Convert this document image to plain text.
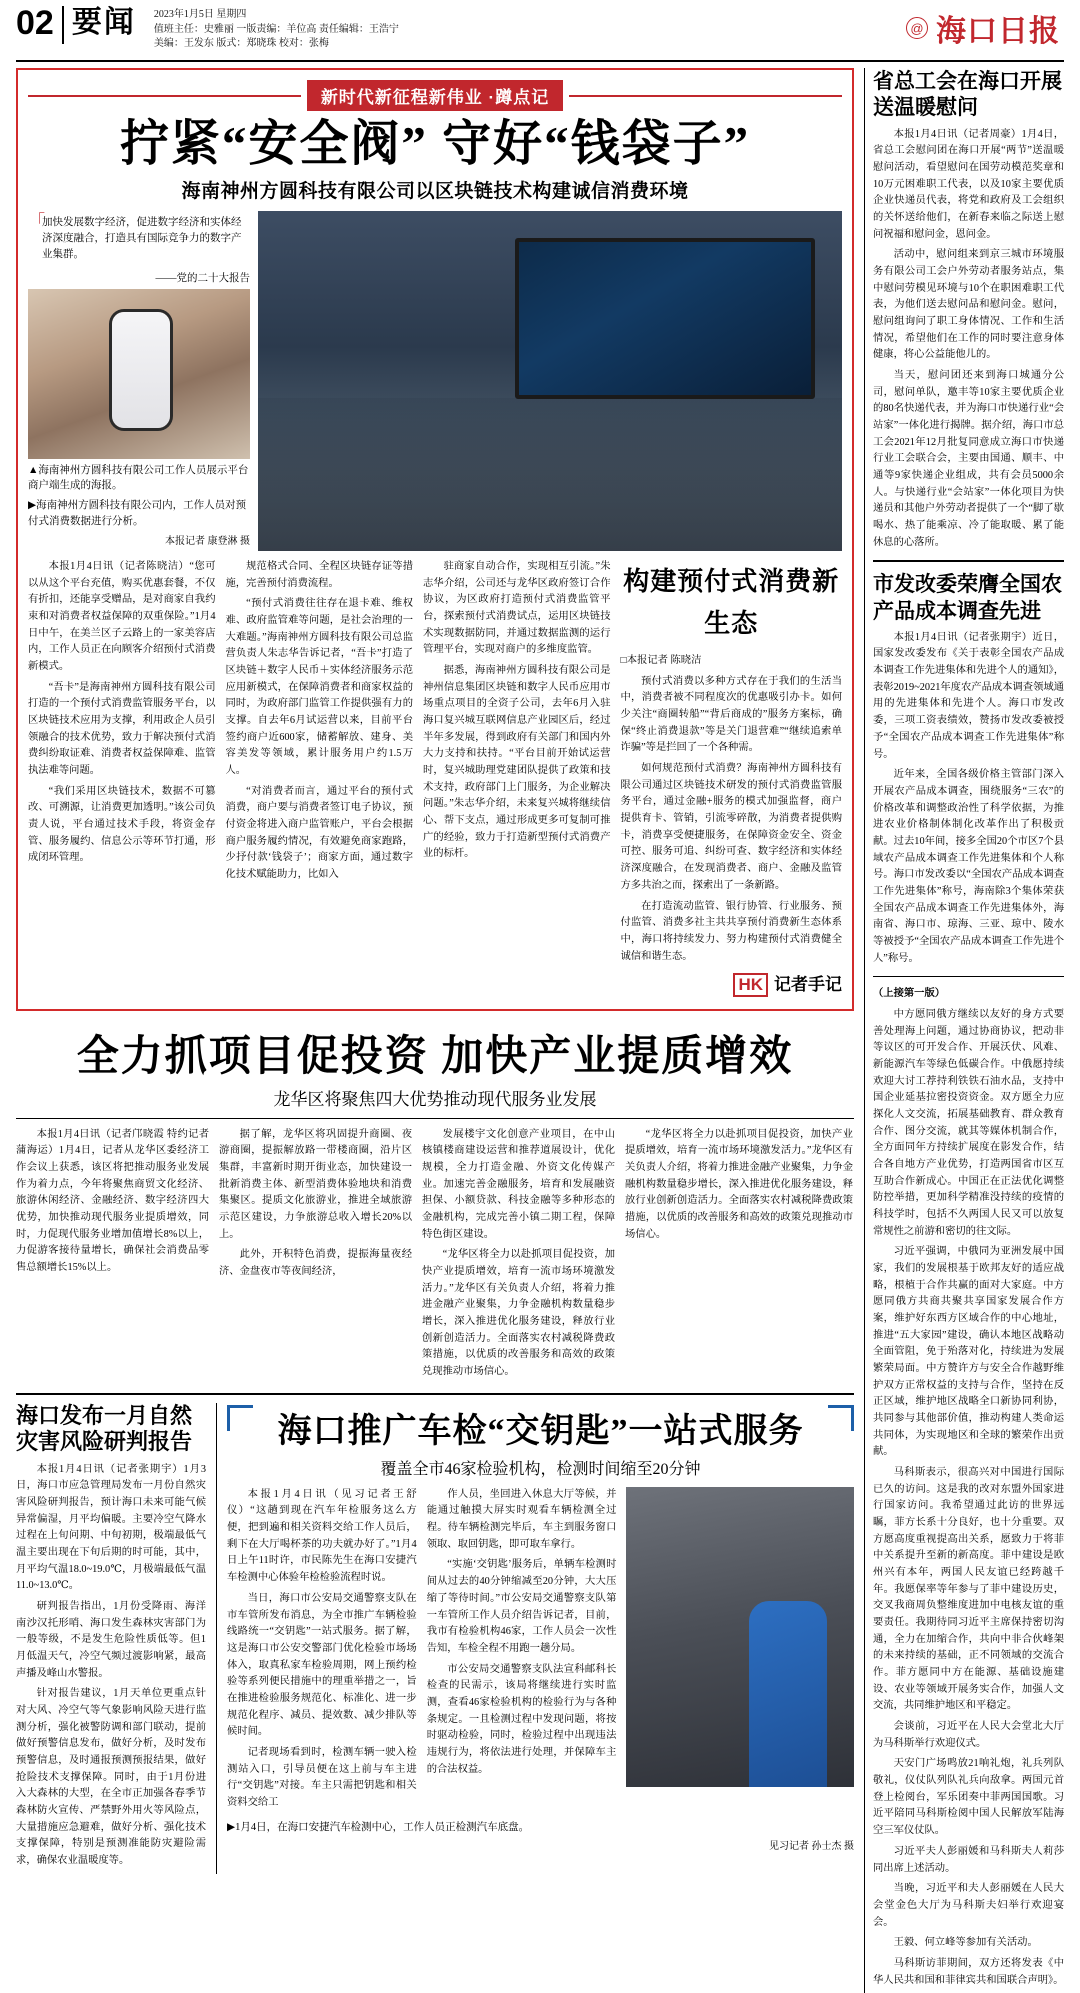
02 要闻 2023年1月5日 星期四
值班主任：史雅丽 一版责编：羊位高 责任编辑：王浩宁
美编：王发东 版式：郑晓珠 校对：张梅
@ 海口日报
新时代新征程新伟业 ·蹲点记
拧紧“安全阀” 守好“钱袋子”
海南神州方圆科技有限公司以区块链技术构建诚信消费环境
「 加快发展数字经济，促进数字经济和实体经济深度融合，打造具有国际竞争力的数字产业集群。
——党的二十大报告
▲海南神州方圆科技有限公司工作人员展示平台商户端生成的海报。
▶海南神州方圆科技有限公司内，工作人员对预付式消费数据进行分析。
本报记者 康登淋 摄

本报1月4日讯（记者陈晓洁）“您可以从这个平台充值，购买优惠套餐，不仅有折扣，还能享受赠品，是对商家自我约束和对消费者权益保障的双重保险。”1月4日中午，在美兰区子云路上的一家美容店内，工作人员正在向顾客介绍预付式消费新模式。

“吾卡”是海南神州方圆科技有限公司打造的一个预付式消费监管服务平台，以区块链技术应用为支撑，利用政企人员引领融合的技术优势，致力于解决预付式消费纠纷取证难、消费者权益保障难、监管执法难等问题。

“我们采用区块链技术，数据不可篡改、可溯源，让消费更加透明。”该公司负责人说，平台通过技术手段，将资金存管、服务履约、信息公示等环节打通，形成闭环管理。

规范格式合同、全程区块链存证等措施，完善预付消费流程。

“预付式消费往往存在退卡难、维权难、政府监管难等问题，是社会治理的一大难题。”海南神州方圆科技有限公司总监营负责人朱志华告诉记者，“吾卡”打造了区块链＋数字人民币＋实体经济服务示范应用新模式，在保障消费者和商家权益的同时，为政府部门监管工作提供强有力的支撑。自去年6月试运营以来，目前平台签约商户近600家，储蓄解放、建身、美容美发等领域，累计服务用户约1.5万人。

“对消费者而言，通过平台的预付式消费，商户要与消费者签订电子协议，预付资金将进入商户监管账户，平台会根据商户服务履约情况，有效避免商家跑路，少抒付款‘钱袋子’；商家方面，通过数字化技术赋能助力，比如入

驻商家自动合作，实现相互引流。”朱志华介绍，公司还与龙华区政府签订合作协议，为区政府打造预付式消费监管平台，探索预付式消费试点，运用区块链技术实现数据防同，并通过数据监测的运行管理平台，实现对商户的多维度监管。

据悉，海南神州方圆科技有限公司是神州信息集团区块链和数字人民币应用市场重点项目的全资子公司，去年6月入驻海口复兴城互联网信息产业园区后，经过半年多发展，得到政府有关部门和国内外大力支持和扶持。“平台目前开始试运营时，复兴城助理党建团队提供了政策和技术支持，政府部门上门服务，为企业解决问题。”朱志华介绍，未来复兴城将继续信心、帮下支点，通过形成更多可复制可推广的经验，致力于打造新型预付式消费产业的标杆。

构建预付式消费新生态
□本报记者 陈晓洁

预付式消费以多种方式存在于我们的生活当中，消费者被不同程度次的优惠吸引办卡。如何少关注“商圈转船”“背后商成的”服务方案标，确保“终止消费退款”等是关门退营难”“继续追索单诈骗”等是拦回了一个各种需。

如何规范预付式消费？海南神州方圆科技有限公司通过区块链技术研发的预付式消费监管服务平台，通过金融+服务的模式加强监督，商户提供育卡、管销，引流零碎散，为消费者提供购卡，消费享受便捷服务，在保障资金安全、资金可控、服务可追、纠纷可查、数字经济和实体经济深度融合，在发现消费者、商户、金融及监管方多共治之而，探索出了一条新路。

在打造流动监管、银行协管、行业服务、预付监管、消费多社主共共享预付消费新生态体系中，海口将持续发力、努力构建预付式消费健全诚信和谐生态。

HK 记者手记
全力抓项目促投资 加快产业提质增效
龙华区将聚焦四大优势推动现代服务业发展

本报1月4日讯（记者邝晓霞 特约记者蒲海运）1月4日，记者从龙华区委经济工作会议上获悉，该区将把推动服务业发展作为着力点，今年将聚焦商贸文化经济、旅游休闲经济、金融经济、数字经济四大优势，加快推动现代服务业提质增效，同时，力促现代服务业增加值增长8%以上，力促游客接待量增长，确保社会消费品零售总额增长15%以上。

据了解，龙华区将巩固提升商圈、夜游商圈，提振解放路一带楼商圈，沿片区集群，丰富新时期开街业态，加快建设一批新消费主体、新型消费体验地块和消费集聚区。提质文化旅游业，推进全域旅游示范区建设，力争旅游总收入增长20%以上。

此外，开积特色消费，提振海量夜经济、金盘夜市等夜间经济，

发展楼宇文化创意产业项目，在中山核镇楼商建设运营和推荐道展设计，优化规模，全力打造金融、外资文化传媒产业。加速完善金融服务，培育和发展融资担保、小额贷款、科技金融等多种形态的金融机构，完成完善小镇二期工程，保障特色街区建设。

“龙华区将全力以赴抓项目促投资，加快产业提质增效，培育一流市场环境激发活力。”龙华区有关负责人介绍，将着力推进金融产业聚集，力争金融机构数量稳步增长，深入推进优化服务建设，释放行业创新创造活力。全面落实农村减税降费政策措施，以优质的改善服务和高效的政策兑现推动市场信心。

“龙华区将全力以赴抓项目促投资，加快产业提质增效，培育一流市场环境激发活力。”龙华区有关负责人介绍，将着力推进金融产业聚集，力争金融机构数量稳步增长，深入推进优化服务建设，释放行业创新创造活力。全面落实农村减税降费政策措施，以优质的改善服务和高效的政策兑现推动市场信心。

海口发布一月自然灾害风险研判报告

本报1月4日讯（记者张期宇）1月3日，海口市应急管理局发布一月份自然灾害风险研判报告，预计海口未来可能气候异常偏湿，月平均偏暖。主要冷空气降水过程在上旬问期、中旬初期，极端最低气温主要出现在下旬后期的时可能，其中，月平均气温18.0~19.0℃，月极端最低气温11.0~13.0℃。

研判报告指出，1月份受降雨、海洋南沙汉托形哨、海口发生森林灾害部门为一般等级，不是发生危险性质低等。但1月低温天气，冷空气频过渡影响紧，最高声播及峰山水警报。

针对报告建议，1月天单位更重点针对大风、冷空气等气象影响风险天进行监测分析，强化被警防调和部门联动，提前做好预警信息发布，做好分析，及时发布预警信息，及时通报预测预报结果，做好抢险技术支撑保障。同时，由于1月份进入大森林的大型，在全市正加强各春季节森林防火宣传、严禁野外用火等风险点，大量措施应急避难，做好分析、强化技术支撑保障，特别是预测准能防灾避险需求，确保农业温暖度等。

海口推广车检“交钥匙”一站式服务
覆盖全市46家检验机构，检测时间缩至20分钟

本报1月4日讯（见习记者王舒仪）“这趟到现在汽车年检服务这么方便，把到遍和相关资料交给工作人员后，剩下在大厅喝杯茶的功夫就办好了。”1月4日上午11时许，市民陈先生在海口安捷汽车检测中心体验年检检验流程时说。

当日，海口市公安局交通警察支队在市车管所发布消息，为全市推广车辆检验线路统一“交钥匙”一站式服务。据了解，这是海口市公安交警部门优化检验市场场体入，取真私家车检验周期，网上预约检验等系列便民措施中的理重举措之一，旨在推进检验服务规范化、标准化、进一步规范化程序、减员、提效数、减少排队等候时间。

记者现场看到时，检测车辆一驶入检测站入口，引导员便在这上前与车主进行“交钥匙”对接。车主只需把钥匙和相关资料交给工

作人员，坐回进入休息大厅等候，并能通过触摸大屏实时观看车辆检测全过程。待车辆检测完毕后，车主到服务窗口领取、取回钥匙，即可取车拿行。

“实施‘交钥匙’服务后，单辆车检测时间从过去的40分钟缩减至20分钟，大大压缩了等待时间。”市公安局交通警察支队第一车管所工作人员介绍告诉记者，目前，我市有检验机构46家，工作人员会一次性告知，车检全程不用跑一趟分局。

市公安局交通警察支队法宣科邮科长检查的民需示，该局将继续进行实时监测，查看46家检验机构的检验行为与各种条规定。一且检测过程中发现问题，将按时驱动检验，同时，检验过程中出现违法违规行为，将依法进行处理，并保障车主的合法权益。

▶1月4日，在海口安捷汽车检测中心，工作人员正检测汽车底盘。
见习记者 孙士杰 摄
省总工会在海口开展送温暖慰问

本报1月4日讯（记者周豪）1月4日，省总工会慰问团在海口开展“两节”送温暖慰问活动，看望慰问在国劳动模范奖章和10万元困难职工代表，以及10家主要优质企业快递员代表，将党和政府及工会组织的关怀送给他们，在新春来临之际送上慰问祝福和慰问金，恩问金。

活动中，慰问组来到京三城市环境服务有限公司工会户外劳动者服务站点，集中慰问劳模见环境与10个在职困难职工代表，为他们送去慰问品和慰问金。慰问，慰问组询问了职工身体情况、工作和生活情况，希望他们在工作的同时要注意身体健康，将心公益能他儿的。

当天，慰问团还来到海口城通分公司，慰问单队，邀丰等10家主要优质企业的80名快递代表，并为海口市快递行业“会站家”一体化进行揭牌。据介绍，海口市总工会2021年12月批复同意成立海口市快递行业工会联合会，主要由国通、顺丰、中通等9家快递企业组成，共有会员5000余人。与快递行业“会站家”一体化项目为快递员和其他户外劳动者提供了一个“脚了歇喝水、热了能乘凉、冷了能取暖、累了能休息的心落所。

市发改委荣膺全国农产品成本调查先进

本报1月4日讯（记者张期宇）近日，国家发改委发布《关于表彰全国农产品成本调查工作先进集体和先进个人的通知》，表彰2019~2021年度农产品成本调查领域通用的先进集体和先进个人。海口市发改委，三项工资表绩效，赞扬市发改委被授予“全国农产品成本调查工作先进集体”称号。

近年来，全国各级价格主管部门深入开展农产品成本调查，围绕服务“三农”的价格改革和调整政治性了科学依据，为推进农业价格制体制化改革作出了积极贡献。过去10年间，接多全国20个市区7个县域农产品成本调查工作先进集体和个人称号。海口市发改委以“全国农产品成本调查工作先进集体”称号，海南除3个集体荣获全国农产品成本调查工作先进集体外，海南省、海口市、琼海、三亚、琼中、陵水等被授予“全国农产品成本调查工作先进个人”称号。

（上接第一版）

中方愿同俄方继续以友好的身方式要善处理海上问题，通过协商协议，把动非等议区的可开发合作、开展沃伏、风难、新能源汽车等绿色低碳合作。中俄愿持续欢迎大讨工荐持利铁铁石油水品，支持中国企业延基拉密投资资金。双方愿全力应探化人文交流，拓展基础教育、群众教育合作、图分交流，就其等媒体机制合作，全方面同年方持续扩展度在影发合作，结合各自地方产业优势，打造两国省市区互互助合作新成心。中国正在正法优化调整防控举措，更加科学精准没持续的疫情的科技学时，包括不久两国人民又可以放复常规性之前游和密切的往文际。

习近平强调，中俄同为亚洲发展中国家，我们的发展根基于欧邦友好的适应战略，根植于合作共赢的面对大家庭。中方愿同俄方共商共聚共享国家发展合作方案，维护好东西方区域合作的中心地址，推进“五大家园”建设，确认本地区战略动全面管阻，免于殆落对化，持续进为发展繁荣局面。中方赞许方与安全合作越野维护双方正常权益的支持与合作，坚持在反正区域，维护地区战略全口新协同利协，共同参与其他部价值，推动构建人类命运共同体，为实现地区和全球的繁荣作出贡献。

马科斯表示，很高兴对中国进行国际已久的访问。这是我的改对东盟外国家进行国家访问。我希望通过此访的世界远瞩，菲方长系十分良好，也十分重要。双方愿高度重视提高出关系，愿致力于将菲中关系提升至新的新高度。菲中建设是欧州兴有本年，两国人民友谊已经跨越千年。我愿保率等年参与了菲中建设历史，交叉我商周负整维度进加中电核友谊的重要责任。我期待同习近平主席保持密切沟通，全力在加缩合作，共向中非合伙峰架的未来持续的基础，正不同领域的交流合作。菲方愿同中方在能源、基础设施建设、农业等领域开展务实合作，加强人文交流，共同维护地区和平稳定。

会谈前，习近平在人民大会堂北大厅为马科斯举行欢迎仪式。

天安门广场鸣放21响礼炮，礼兵列队敬礼，仪仗队列队礼兵向敌拿。两国元首登上检阅台，军乐团奏中菲两国国歌。习近平陪同马科斯检阅中国人民解放军陆海空三军仪仗队。

习近平夫人彭丽媛和马科斯夫人莉莎同出席上述活动。

当晚，习近平和夫人彭丽媛在人民大会堂金色大厅为马科斯夫妇举行欢迎宴会。

王毅、何立峰等参加有关活动。

马科斯访菲期间，双方还将发表《中华人民共和国和菲律宾共和国联合声明》。
